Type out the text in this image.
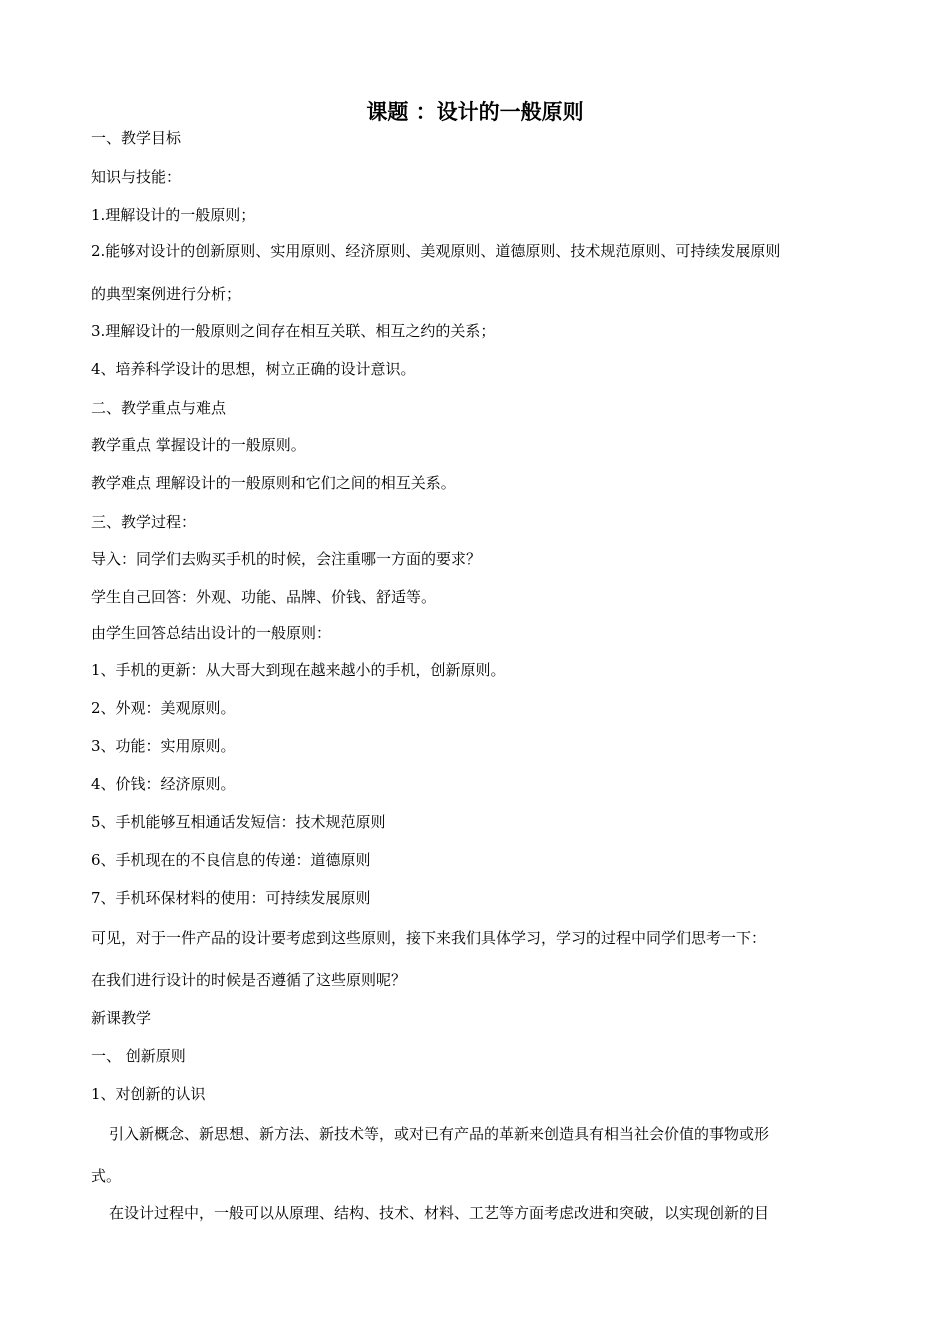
课题 ：设计的一般原则

一、教学目标

知识与技能：

1.理解设计的一般原则；

2.能够对设计的创新原则、实用原则、经济原则、美观原则、道德原则、技术规范原则、可持续发展原则

的典型案例进行分析；

3.理解设计的一般原则之间存在相互关联、相互之约的关系；

4、培养科学设计的思想，树立正确的设计意识。

二、教学重点与难点

教学重点 掌握设计的一般原则。

教学难点 理解设计的一般原则和它们之间的相互关系。

三、教学过程：

导入：同学们去购买手机的时候，会注重哪一方面的要求？

学生自己回答：外观、功能、品牌、价钱、舒适等。

由学生回答总结出设计的一般原则：

1、手机的更新：从大哥大到现在越来越小的手机，创新原则。

2、外观：美观原则。

3、功能：实用原则。

4、价钱：经济原则。

5、手机能够互相通话发短信：技术规范原则

6、手机现在的不良信息的传递：道德原则

7、手机环保材料的使用：可持续发展原则

可见，对于一件产品的设计要考虑到这些原则，接下来我们具体学习，学习的过程中同学们思考一下：

在我们进行设计的时候是否遵循了这些原则呢？

新课教学

一、 创新原则

1、对创新的认识

引入新概念、新思想、新方法、新技术等，或对已有产品的革新来创造具有相当社会价值的事物或形

式。

在设计过程中，一般可以从原理、结构、技术、材料、工艺等方面考虑改进和突破，以实现创新的目
